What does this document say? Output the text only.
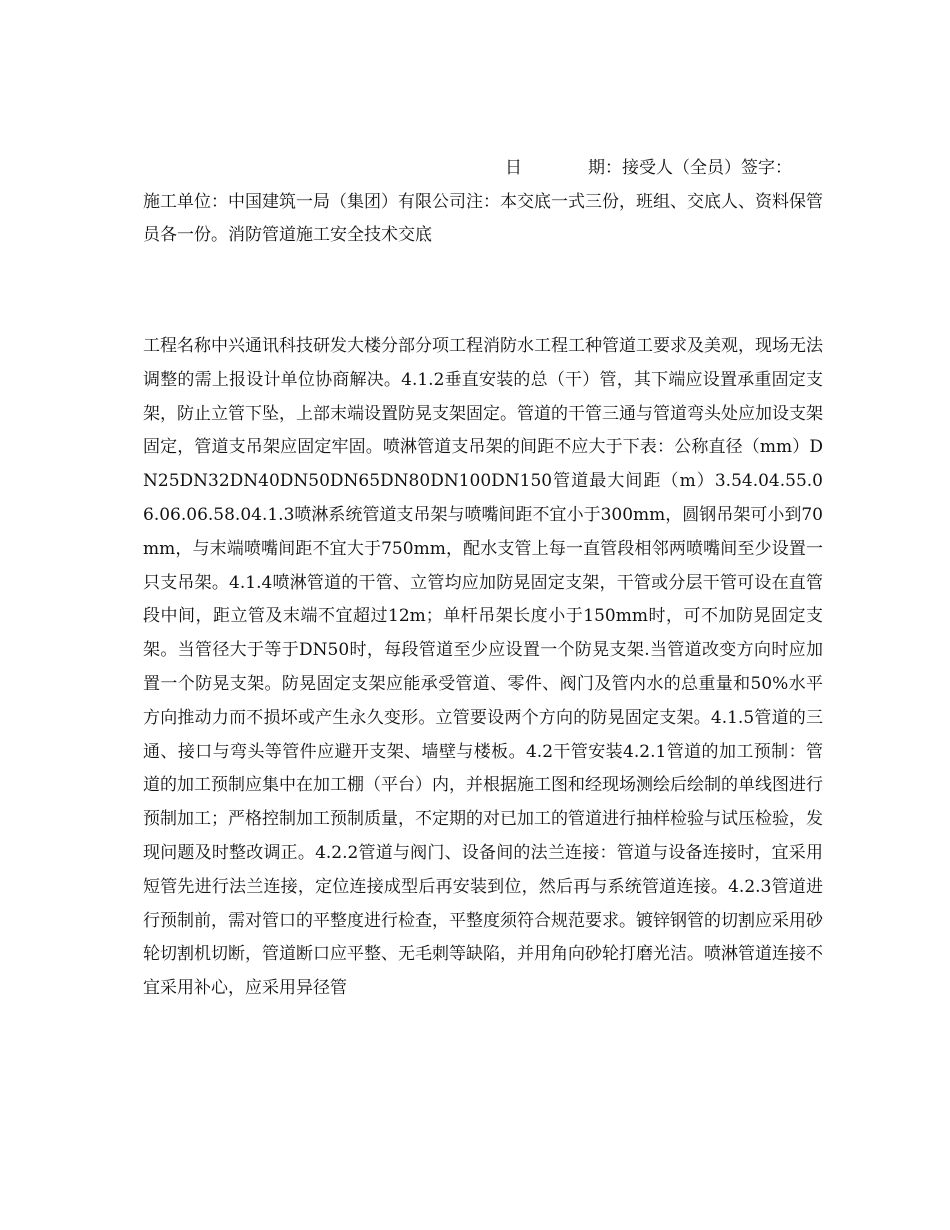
日	期：接受人（全员）签字：
施工单位：中国建筑一局（集团）有限公司注：本交底一式三份，班组、交底人、资料保管员各一份。消防管道施工安全技术交底
工程名称中兴通讯科技研发大楼分部分项工程消防水工程工种管道工要求及美观，现场无法调整的需上报设计单位协商解决。4.1.2垂直安装的总（干）管，其下端应设置承重固定支架，防止立管下坠，上部末端设置防晃支架固定。管道的干管三通与管道弯头处应加设支架固定，管道支吊架应固定牢固。喷淋管道支吊架的间距不应大于下表：公称直径（mm）DN25DN32DN40DN50DN65DN80DN100DN150管道最大间距（m）3.54.04.55.06.06.06.58.04.1.3喷淋系统管道支吊架与喷嘴间距不宜小于300mm，圆钢吊架可小到70mm，与末端喷嘴间距不宜大于750mm，配水支管上每一直管段相邻两喷嘴间至少设置一只支吊架。4.1.4喷淋管道的干管、立管均应加防晃固定支架，干管或分层干管可设在直管段中间，距立管及末端不宜超过12m；单杆吊架长度小于150mm时，可不加防晃固定支架。当管径大于等于DN50时，每段管道至少应设置一个防晃支架.当管道改变方向时应加置一个防晃支架。防晃固定支架应能承受管道、零件、阀门及管内水的总重量和50%水平方向推动力而不损坏或产生永久变形。立管要设两个方向的防晃固定支架。4.1.5管道的三通、接口与弯头等管件应避开支架、墙壁与楼板。4.2干管安装4.2.1管道的加工预制：管道的加工预制应集中在加工棚（平台）内，并根据施工图和经现场测绘后绘制的单线图进行预制加工；严格控制加工预制质量，不定期的对已加工的管道进行抽样检验与试压检验，发现问题及时整改调正。4.2.2管道与阀门、设备间的法兰连接：管道与设备连接时，宜采用短管先进行法兰连接，定位连接成型后再安装到位，然后再与系统管道连接。4.2.3管道进行预制前，需对管口的平整度进行检查，平整度须符合规范要求。镀锌钢管的切割应采用砂轮切割机切断，管道断口应平整、无毛刺等缺陷，并用角向砂轮打磨光洁。喷淋管道连接不宜采用补心，应采用异径管
